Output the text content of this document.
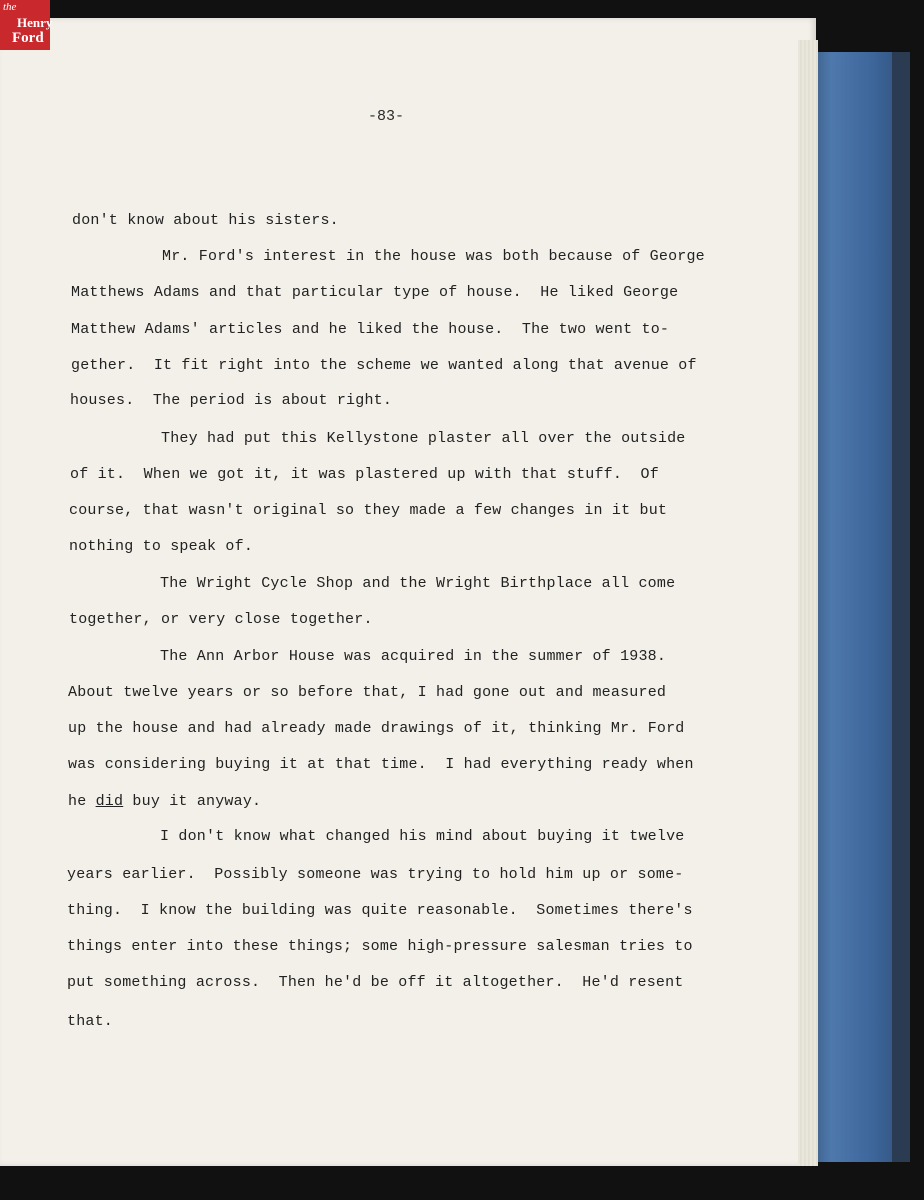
the
Henry
Ford
-83-
don't know about his sisters.
Mr. Ford's interest in the house was both because of George
Matthews Adams and that particular type of house.  He liked George
Matthew Adams' articles and he liked the house.  The two went to-
gether.  It fit right into the scheme we wanted along that avenue of
houses.  The period is about right.
They had put this Kellystone plaster all over the outside
of it.  When we got it, it was plastered up with that stuff.  Of
course, that wasn't original so they made a few changes in it but
nothing to speak of.
The Wright Cycle Shop and the Wright Birthplace all come
together, or very close together.
The Ann Arbor House was acquired in the summer of 1938.
About twelve years or so before that, I had gone out and measured
up the house and had already made drawings of it, thinking Mr. Ford
was considering buying it at that time.  I had everything ready when
he did buy it anyway.
I don't know what changed his mind about buying it twelve
years earlier.  Possibly someone was trying to hold him up or some-
thing.  I know the building was quite reasonable.  Sometimes there's
things enter into these things; some high-pressure salesman tries to
put something across.  Then he'd be off it altogether.  He'd resent
that.
